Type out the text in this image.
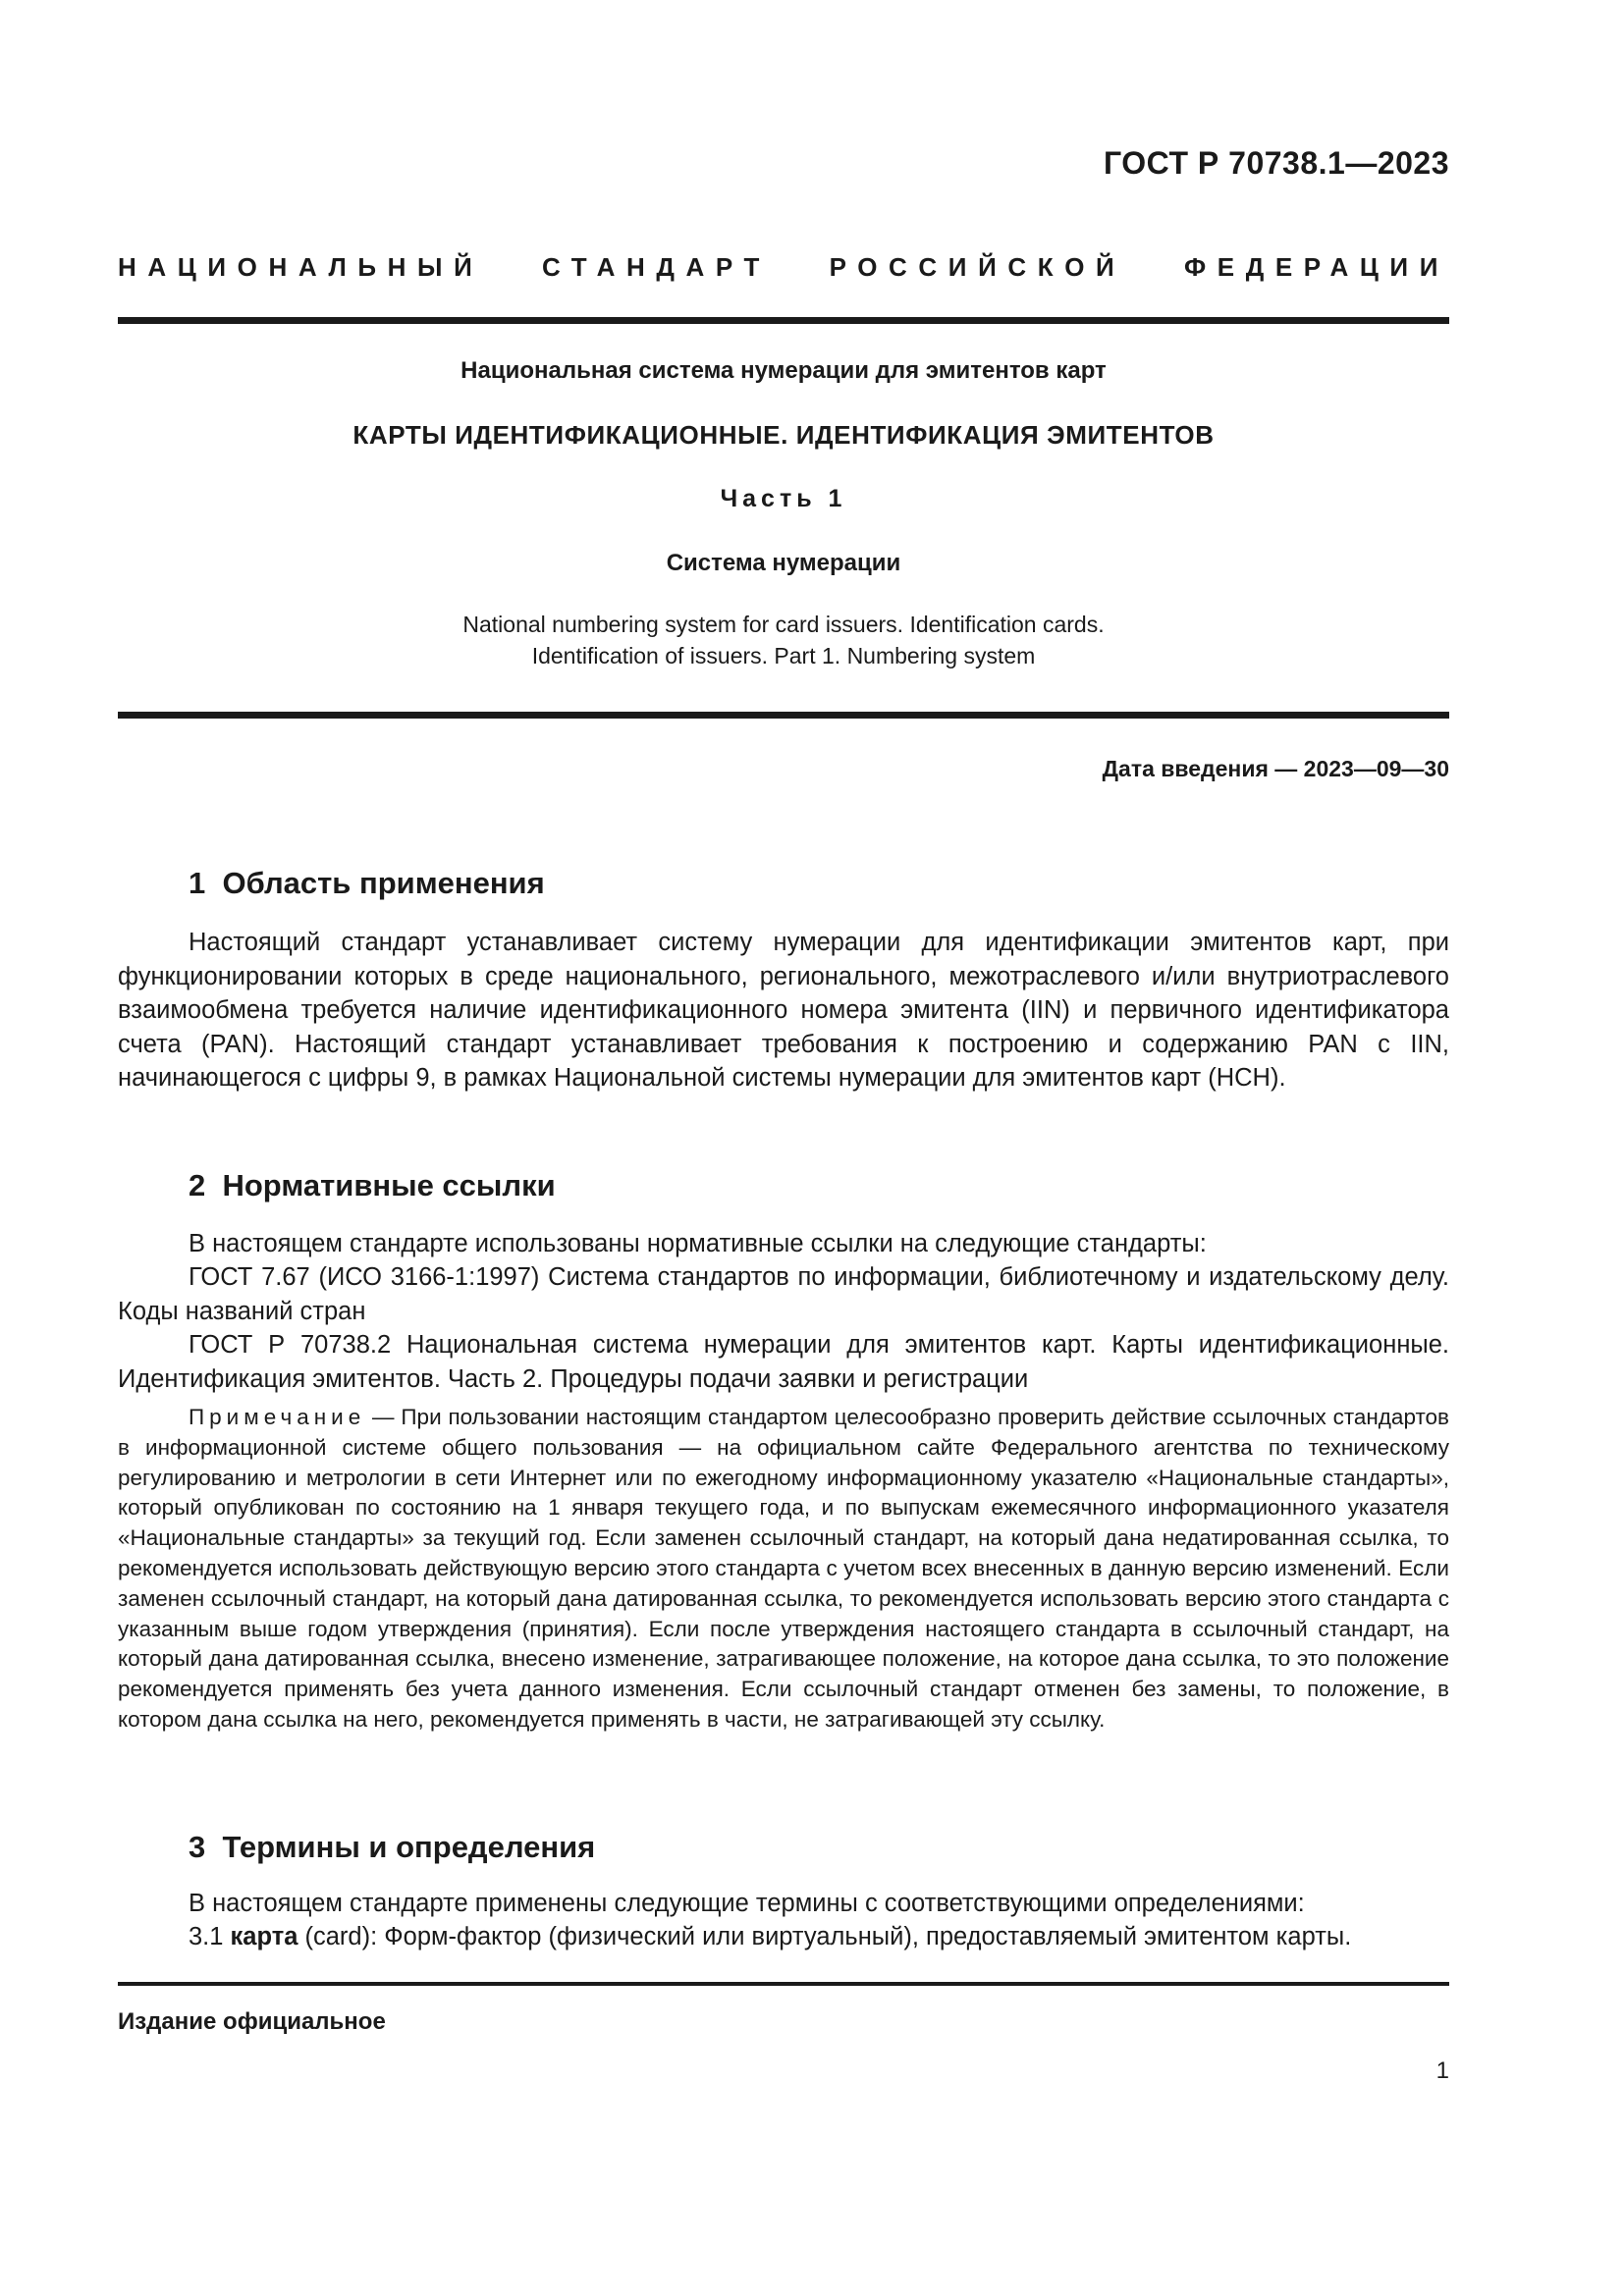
ГОСТ Р 70738.1—2023
НАЦИОНАЛЬНЫЙ СТАНДАРТ РОССИЙСКОЙ ФЕДЕРАЦИИ
Национальная система нумерации для эмитентов карт
КАРТЫ ИДЕНТИФИКАЦИОННЫЕ. ИДЕНТИФИКАЦИЯ ЭМИТЕНТОВ
Часть 1
Система нумерации
National numbering system for card issuers. Identification cards.
Identification of issuers. Part 1. Numbering system
Дата введения — 2023—09—30
1  Область применения
Настоящий стандарт устанавливает систему нумерации для идентификации эмитентов карт, при функционировании которых в среде национального, регионального, межотраслевого и/или внутриотраслевого взаимообмена требуется наличие идентификационного номера эмитента (IIN) и первичного идентификатора счета (PAN). Настоящий стандарт устанавливает требования к построению и содержанию PAN с IIN, начинающегося с цифры 9, в рамках Национальной системы нумерации для эмитентов карт (НСН).
2  Нормативные ссылки
В настоящем стандарте использованы нормативные ссылки на следующие стандарты:
ГОСТ 7.67 (ИСО 3166-1:1997) Система стандартов по информации, библиотечному и издательскому делу. Коды названий стран
ГОСТ Р 70738.2 Национальная система нумерации для эмитентов карт. Карты идентификационные. Идентификация эмитентов. Часть 2. Процедуры подачи заявки и регистрации
Примечание — При пользовании настоящим стандартом целесообразно проверить действие ссылочных стандартов в информационной системе общего пользования — на официальном сайте Федерального агентства по техническому регулированию и метрологии в сети Интернет или по ежегодному информационному указателю «Национальные стандарты», который опубликован по состоянию на 1 января текущего года, и по выпускам ежемесячного информационного указателя «Национальные стандарты» за текущий год. Если заменен ссылочный стандарт, на который дана недатированная ссылка, то рекомендуется использовать действующую версию этого стандарта с учетом всех внесенных в данную версию изменений. Если заменен ссылочный стандарт, на который дана датированная ссылка, то рекомендуется использовать версию этого стандарта с указанным выше годом утверждения (принятия). Если после утверждения настоящего стандарта в ссылочный стандарт, на который дана датированная ссылка, внесено изменение, затрагивающее положение, на которое дана ссылка, то это положение рекомендуется применять без учета данного изменения. Если ссылочный стандарт отменен без замены, то положение, в котором дана ссылка на него, рекомендуется применять в части, не затрагивающей эту ссылку.
3  Термины и определения
В настоящем стандарте применены следующие термины с соответствующими определениями:
3.1 карта (card): Форм-фактор (физический или виртуальный), предоставляемый эмитентом карты.
Издание официальное
1
